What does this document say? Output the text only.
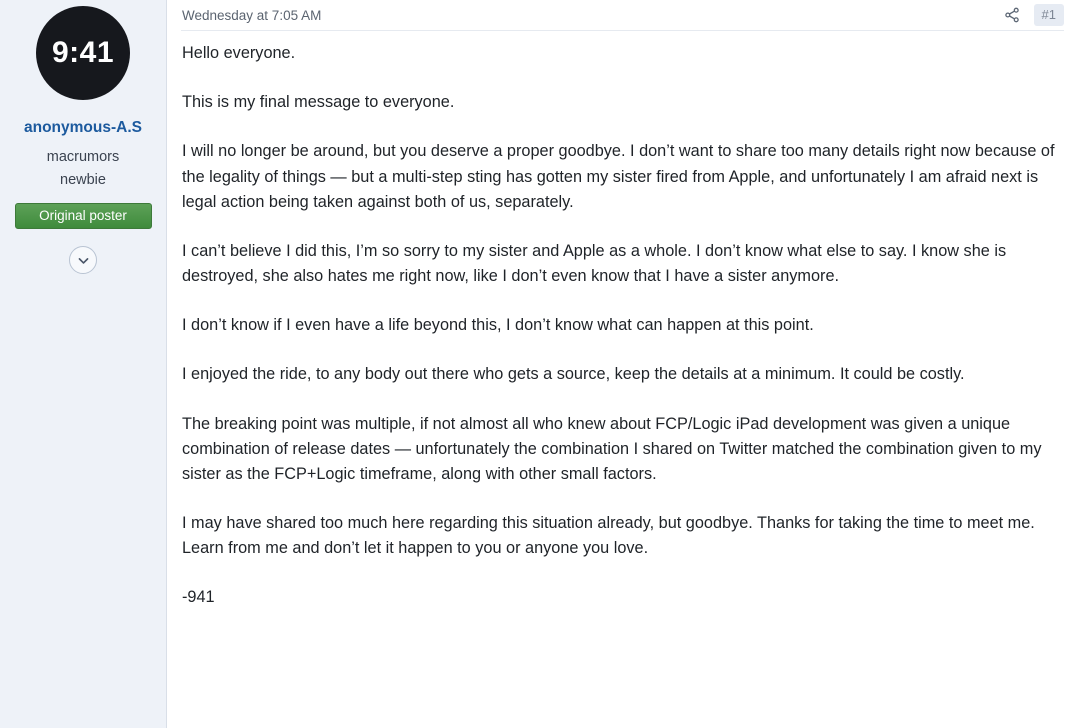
9:41
anonymous-A.S
macrumors
newbie
Original poster
Wednesday at 7:05 AM	#1

Hello everyone.

This is my final message to everyone.

I will no longer be around, but you deserve a proper goodbye. I don’t want to share too many details right now because of the legality of things — but a multi-step sting has gotten my sister fired from Apple, and unfortunately I am afraid next is legal action being taken against both of us, separately.

I can’t believe I did this, I’m so sorry to my sister and Apple as a whole. I don’t know what else to say. I know she is destroyed, she also hates me right now, like I don’t even know that I have a sister anymore.

I don’t know if I even have a life beyond this, I don’t know what can happen at this point.

I enjoyed the ride, to any body out there who gets a source, keep the details at a minimum. It could be costly.

The breaking point was multiple, if not almost all who knew about FCP/Logic iPad development was given a unique combination of release dates — unfortunately the combination I shared on Twitter matched the combination given to my sister as the FCP+Logic timeframe, along with other small factors.

I may have shared too much here regarding this situation already, but goodbye. Thanks for taking the time to meet me. Learn from me and don’t let it happen to you or anyone you love.

-941
